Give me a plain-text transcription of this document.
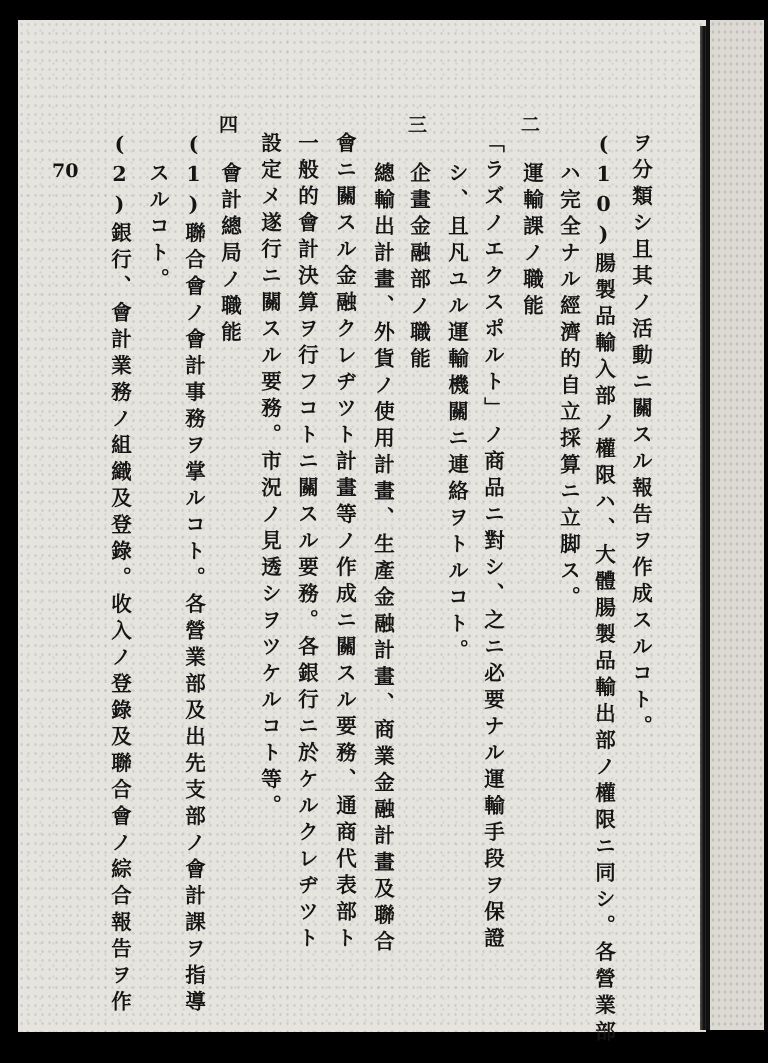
70
二
三
四
ヲ分類シ且其ノ活動ニ關スル報告ヲ作成スルコト。
(10)腸製品輸入部ノ權限ハ、大體腸製品輸出部ノ權限ニ同シ。各營業部
ハ完全ナル經濟的自立採算ニ立脚ス。
運輸課ノ職能
「ラズノエクスポルト」ノ商品ニ對シ、之ニ必要ナル運輸手段ヲ保證
シ、且凡ユル運輸機關ニ連絡ヲトルコト。
企畫金融部ノ職能
總輸出計畫、外貨ノ使用計畫、生產金融計畫、商業金融計畫及聯合
會ニ關スル金融クレヂツト計畫等ノ作成ニ關スル要務、通商代表部ト
一般的會計決算ヲ行フコトニ關スル要務。各銀行ニ於ケルクレヂツト
設定メ遂行ニ關スル要務。市況ノ見透シヲツケルコト等。
會計總局ノ職能
(1)聯合會ノ會計事務ヲ掌ルコト。各營業部及出先支部ノ會計課ヲ指導
スルコト。
(2)銀行、會計業務ノ組織及登錄。收入ノ登錄及聯合會ノ綜合報告ヲ作
